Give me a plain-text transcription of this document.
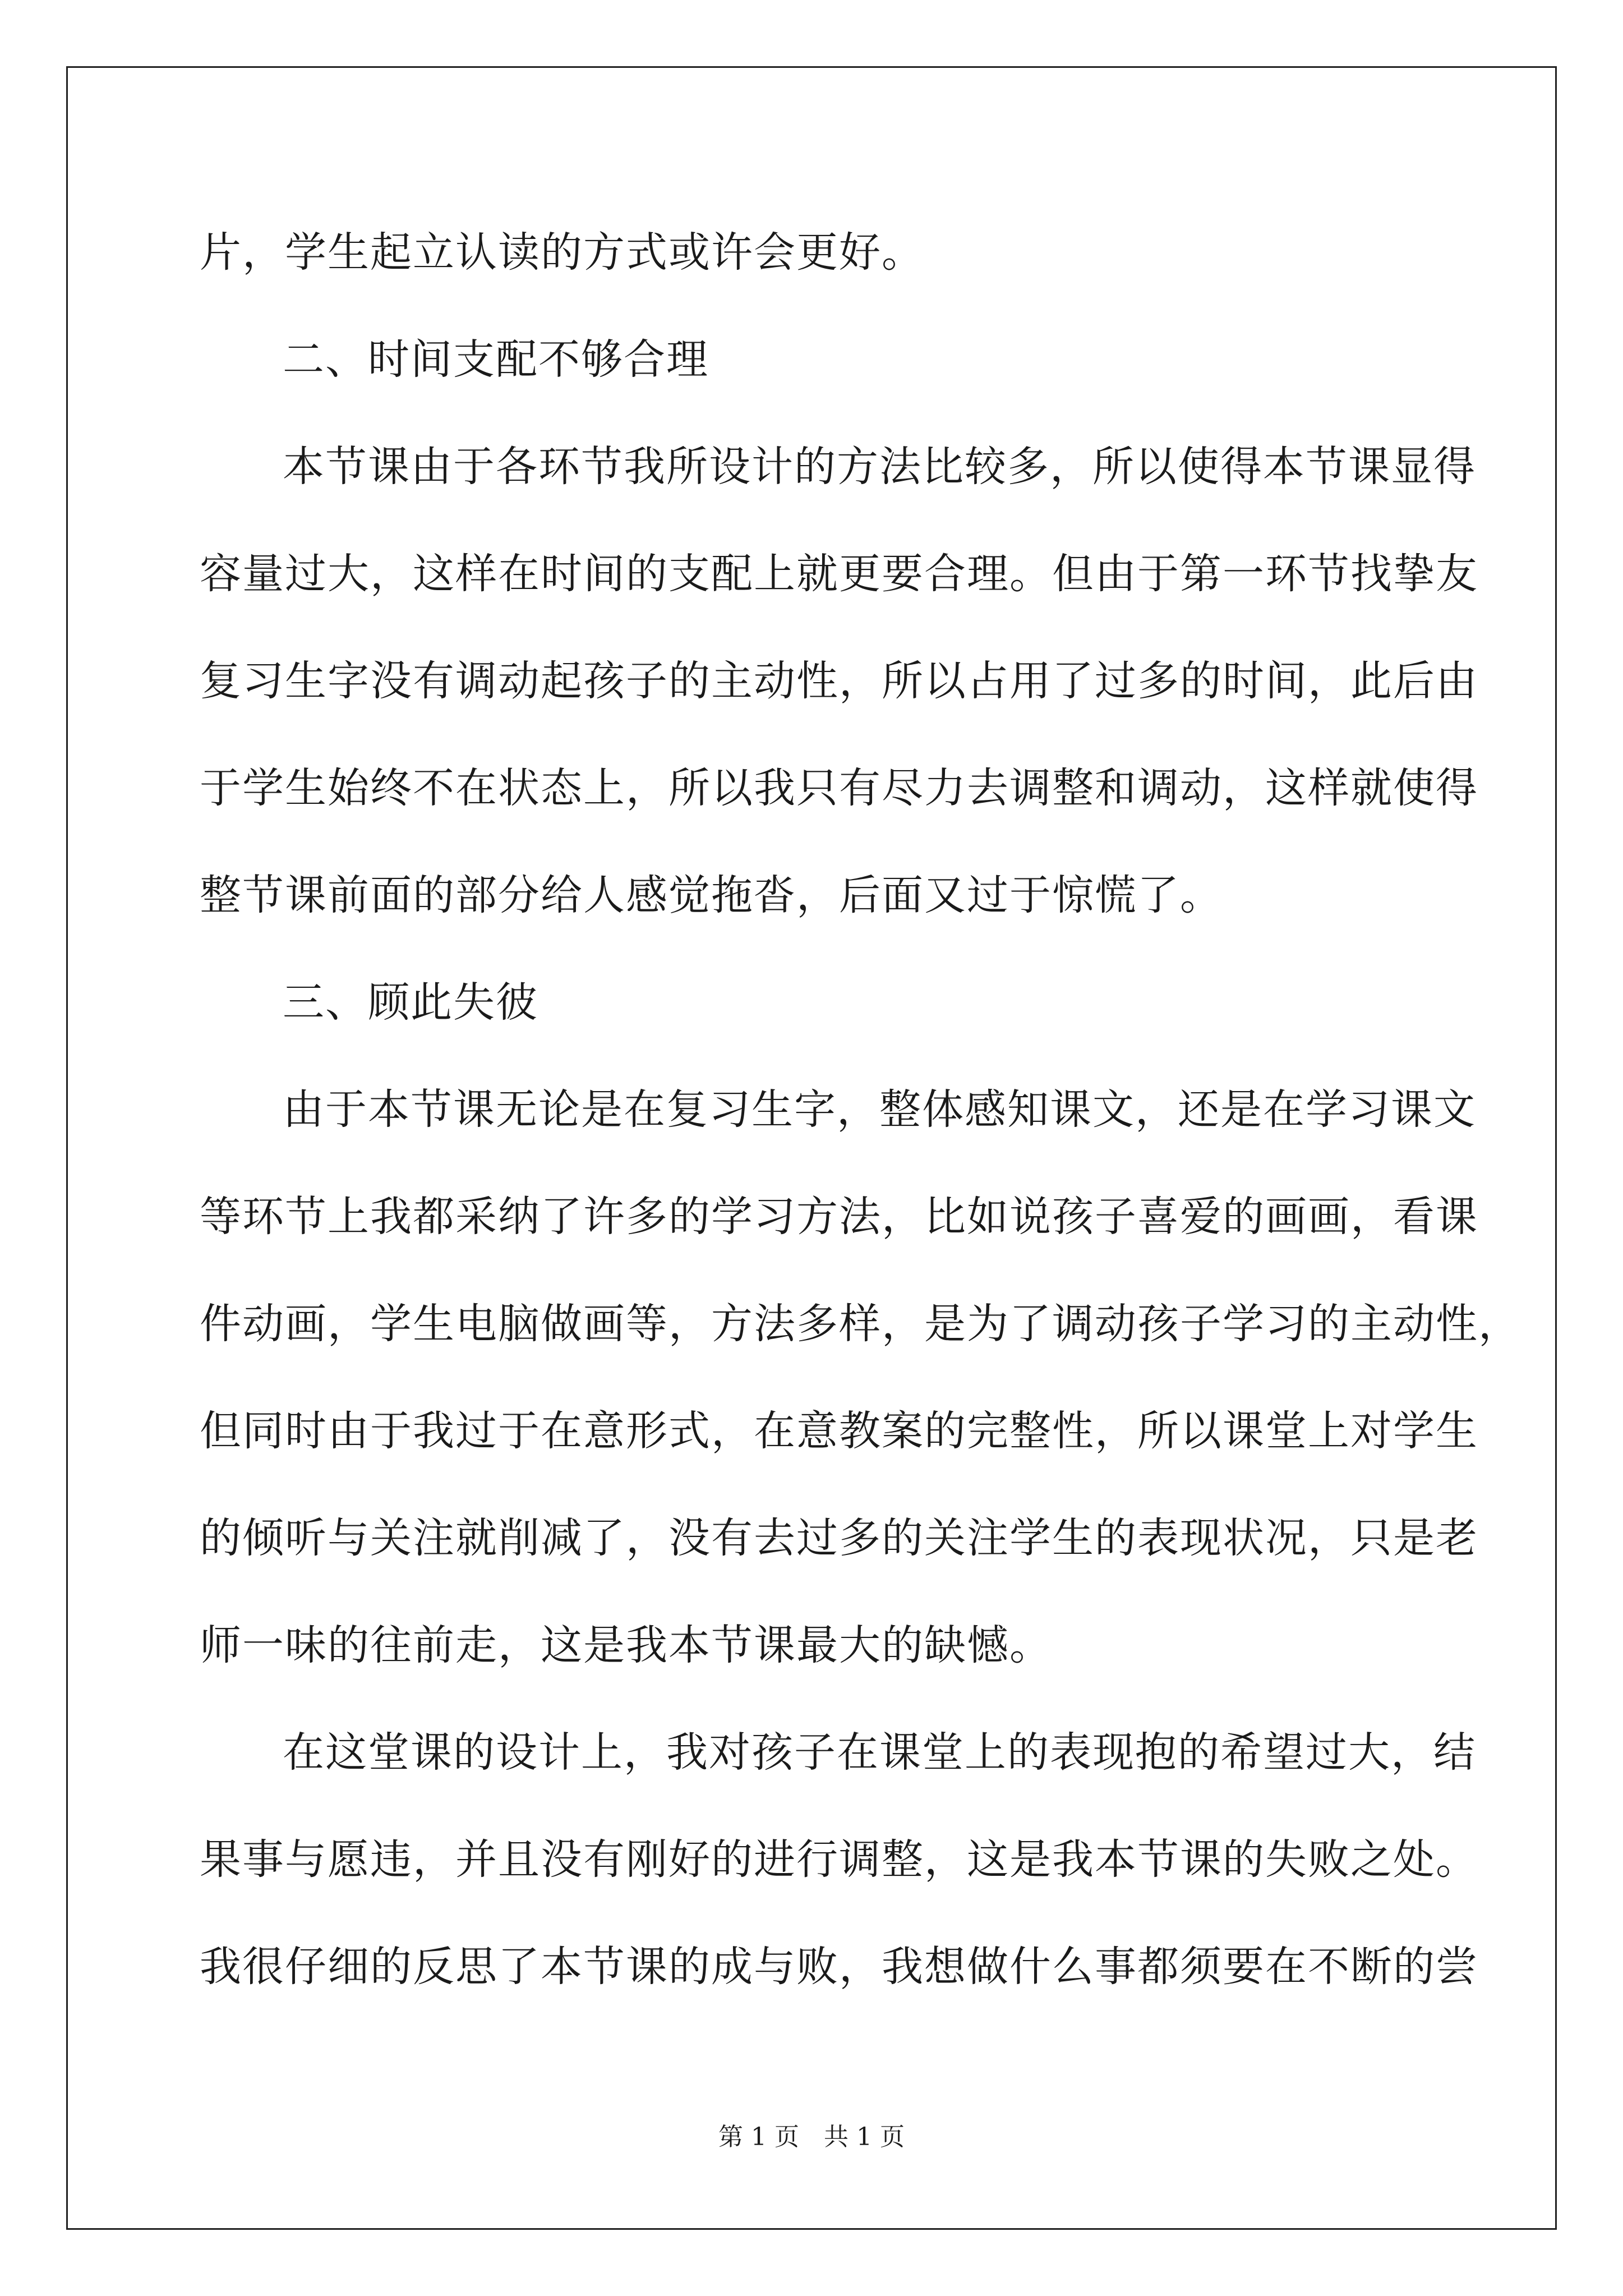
片，学生起立认读的方式或许会更好。
二、时间支配不够合理
本节课由于各环节我所设计的方法比较多，所以使得本节课显得
容量过大，这样在时间的支配上就更要合理。但由于第一环节找挚友
复习生字没有调动起孩子的主动性，所以占用了过多的时间，此后由
于学生始终不在状态上，所以我只有尽力去调整和调动，这样就使得
整节课前面的部分给人感觉拖沓，后面又过于惊慌了。
三、顾此失彼
由于本节课无论是在复习生字，整体感知课文，还是在学习课文
等环节上我都采纳了许多的学习方法，比如说孩子喜爱的画画，看课
件动画，学生电脑做画等，方法多样，是为了调动孩子学习的主动性，
但同时由于我过于在意形式，在意教案的完整性，所以课堂上对学生
的倾听与关注就削减了，没有去过多的关注学生的表现状况，只是老
师一味的往前走，这是我本节课最大的缺憾。
在这堂课的设计上，我对孩子在课堂上的表现抱的希望过大，结
果事与愿违，并且没有刚好的进行调整，这是我本节课的失败之处。
我很仔细的反思了本节课的成与败，我想做什么事都须要在不断的尝
第 1 页 共 1 页
